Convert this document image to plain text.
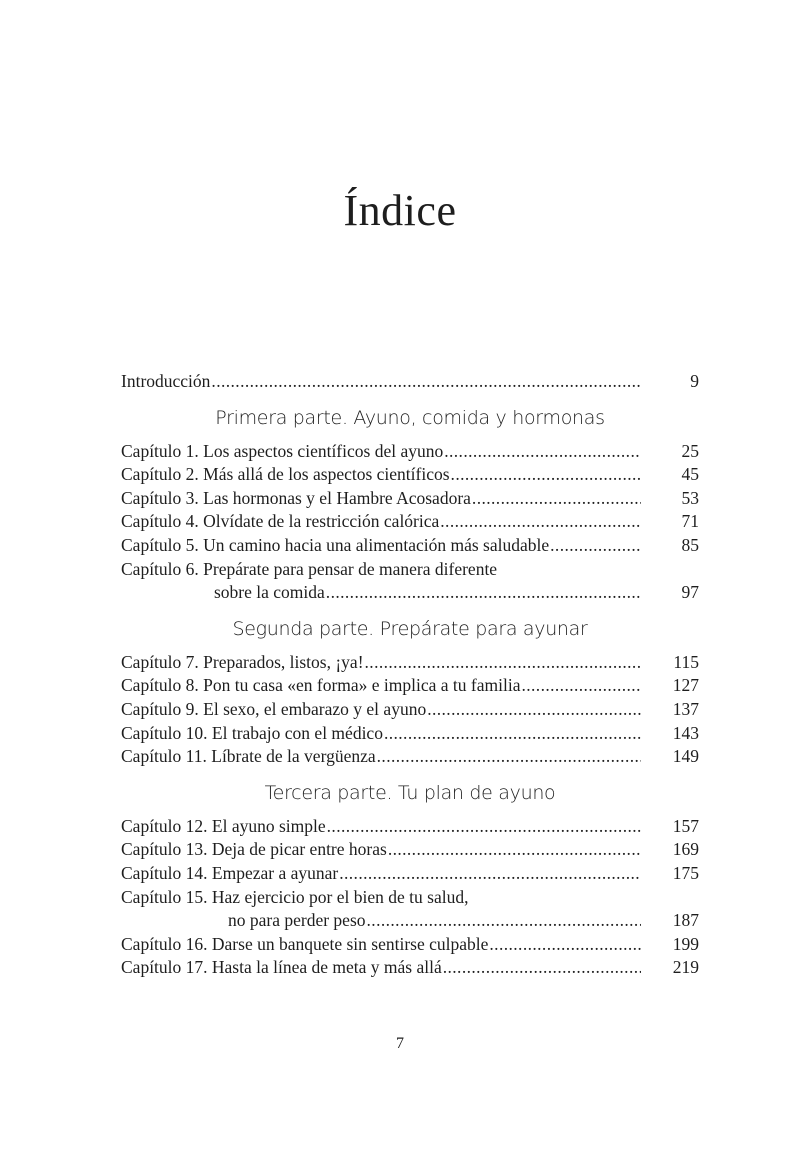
Índice
Introducción .....	9
Primera parte. Ayuno, comida y hormonas
Capítulo 1. Los aspectos científicos del ayuno .....	25
Capítulo 2. Más allá de los aspectos científicos .....	45
Capítulo 3. Las hormonas y el Hambre Acosadora .....	53
Capítulo 4. Olvídate de la restricción calórica .....	71
Capítulo 5. Un camino hacia una alimentación más saludable .....	85
Capítulo 6. Prepárate para pensar de manera diferente
sobre la comida .....	97
Segunda parte. Prepárate para ayunar
Capítulo 7. Preparados, listos, ¡ya! .....	115
Capítulo 8. Pon tu casa «en forma» e implica a tu familia .....	127
Capítulo 9. El sexo, el embarazo y el ayuno .....	137
Capítulo 10. El trabajo con el médico .....	143
Capítulo 11. Líbrate de la vergüenza .....	149
Tercera parte. Tu plan de ayuno
Capítulo 12. El ayuno simple .....	157
Capítulo 13. Deja de picar entre horas .....	169
Capítulo 14. Empezar a ayunar .....	175
Capítulo 15. Haz ejercicio por el bien de tu salud,
no para perder peso .....	187
Capítulo 16. Darse un banquete sin sentirse culpable .....	199
Capítulo 17. Hasta la línea de meta y más allá .....	219
7
